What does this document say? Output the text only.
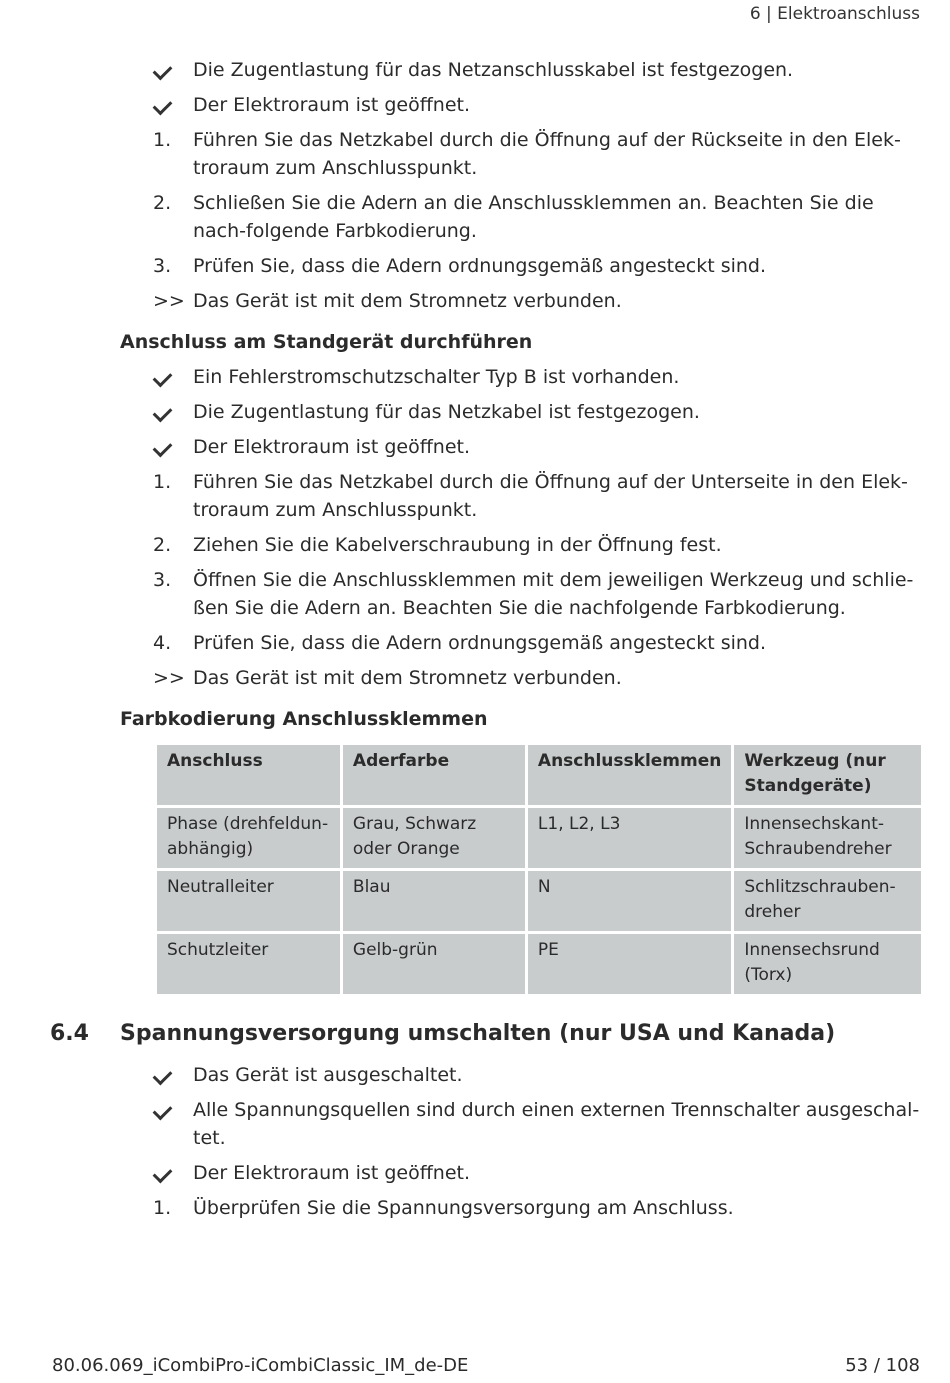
6 | Elektroanschluss
Die Zugentlastung für das Netzanschlusskabel ist festgezogen.
Der Elektroraum ist geöffnet.
1.	Führen Sie das Netzkabel durch die Öffnung auf der Rückseite in den Elek-troraum zum Anschlusspunkt.
2.	Schließen Sie die Adern an die Anschlussklemmen an. Beachten Sie die nach-folgende Farbkodierung.
3.	Prüfen Sie, dass die Adern ordnungsgemäß angesteckt sind.
>> Das Gerät ist mit dem Stromnetz verbunden.
Anschluss am Standgerät durchführen
Ein Fehlerstromschutzschalter Typ B ist vorhanden.
Die Zugentlastung für das Netzkabel ist festgezogen.
Der Elektroraum ist geöffnet.
1.	Führen Sie das Netzkabel durch die Öffnung auf der Unterseite in den Elek-troraum zum Anschlusspunkt.
2.	Ziehen Sie die Kabelverschraubung in der Öffnung fest.
3.	Öffnen Sie die Anschlussklemmen mit dem jeweiligen Werkzeug und schlie-ßen Sie die Adern an. Beachten Sie die nachfolgende Farbkodierung.
4.	Prüfen Sie, dass die Adern ordnungsgemäß angesteckt sind.
>> Das Gerät ist mit dem Stromnetz verbunden.
Farbkodierung Anschlussklemmen
Anschluss	Aderfarbe	Anschlussklemmen	Werkzeug (nur Standgeräte)
Phase (drehfeldun-abhängig)	Grau, Schwarz oder Orange	L1, L2, L3	Innensechskant-Schraubendreher
Neutralleiter	Blau	N	Schlitzschrauben-dreher
Schutzleiter	Gelb-grün	PE	Innensechsrund (Torx)
6.4 Spannungsversorgung umschalten (nur USA und Kanada)
Das Gerät ist ausgeschaltet.
Alle Spannungsquellen sind durch einen externen Trennschalter ausgeschal-tet.
Der Elektroraum ist geöffnet.
1.	Überprüfen Sie die Spannungsversorgung am Anschluss.
80.06.069_iCombiPro-iCombiClassic_IM_de-DE	53 / 108
